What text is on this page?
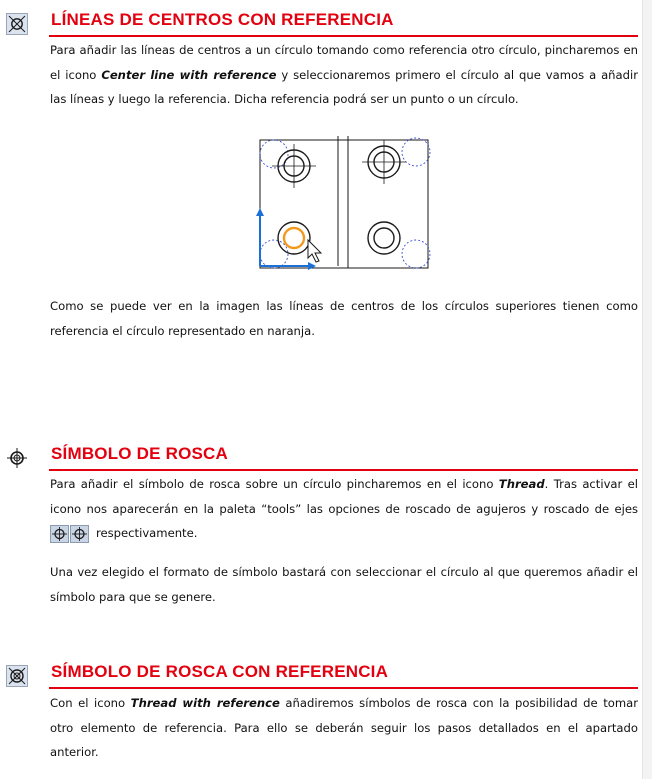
LÍNEAS DE CENTROS CON REFERENCIA

Para añadir las líneas de centros a un círculo tomando como referencia otro círculo, pincharemos en el icono Center line with reference y seleccionaremos primero el círculo al que vamos a añadir las líneas y luego la referencia. Dicha referencia podrá ser un punto o un círculo.

Como se puede ver en la imagen las líneas de centros de los círculos superiores tienen como referencia el círculo representado en naranja.

SÍMBOLO DE ROSCA

Para añadir el símbolo de rosca sobre un círculo pincharemos en el icono Thread. Tras activar el icono nos aparecerán en la paleta “tools” las opciones de roscado de agujeros y roscado de ejes respectivamente.

Una vez elegido el formato de símbolo bastará con seleccionar el círculo al que queremos añadir el símbolo para que se genere.

SÍMBOLO DE ROSCA CON REFERENCIA

Con el icono Thread with reference añadiremos símbolos de rosca con la posibilidad de tomar otro elemento de referencia. Para ello se deberán seguir los pasos detallados en el apartado anterior.
